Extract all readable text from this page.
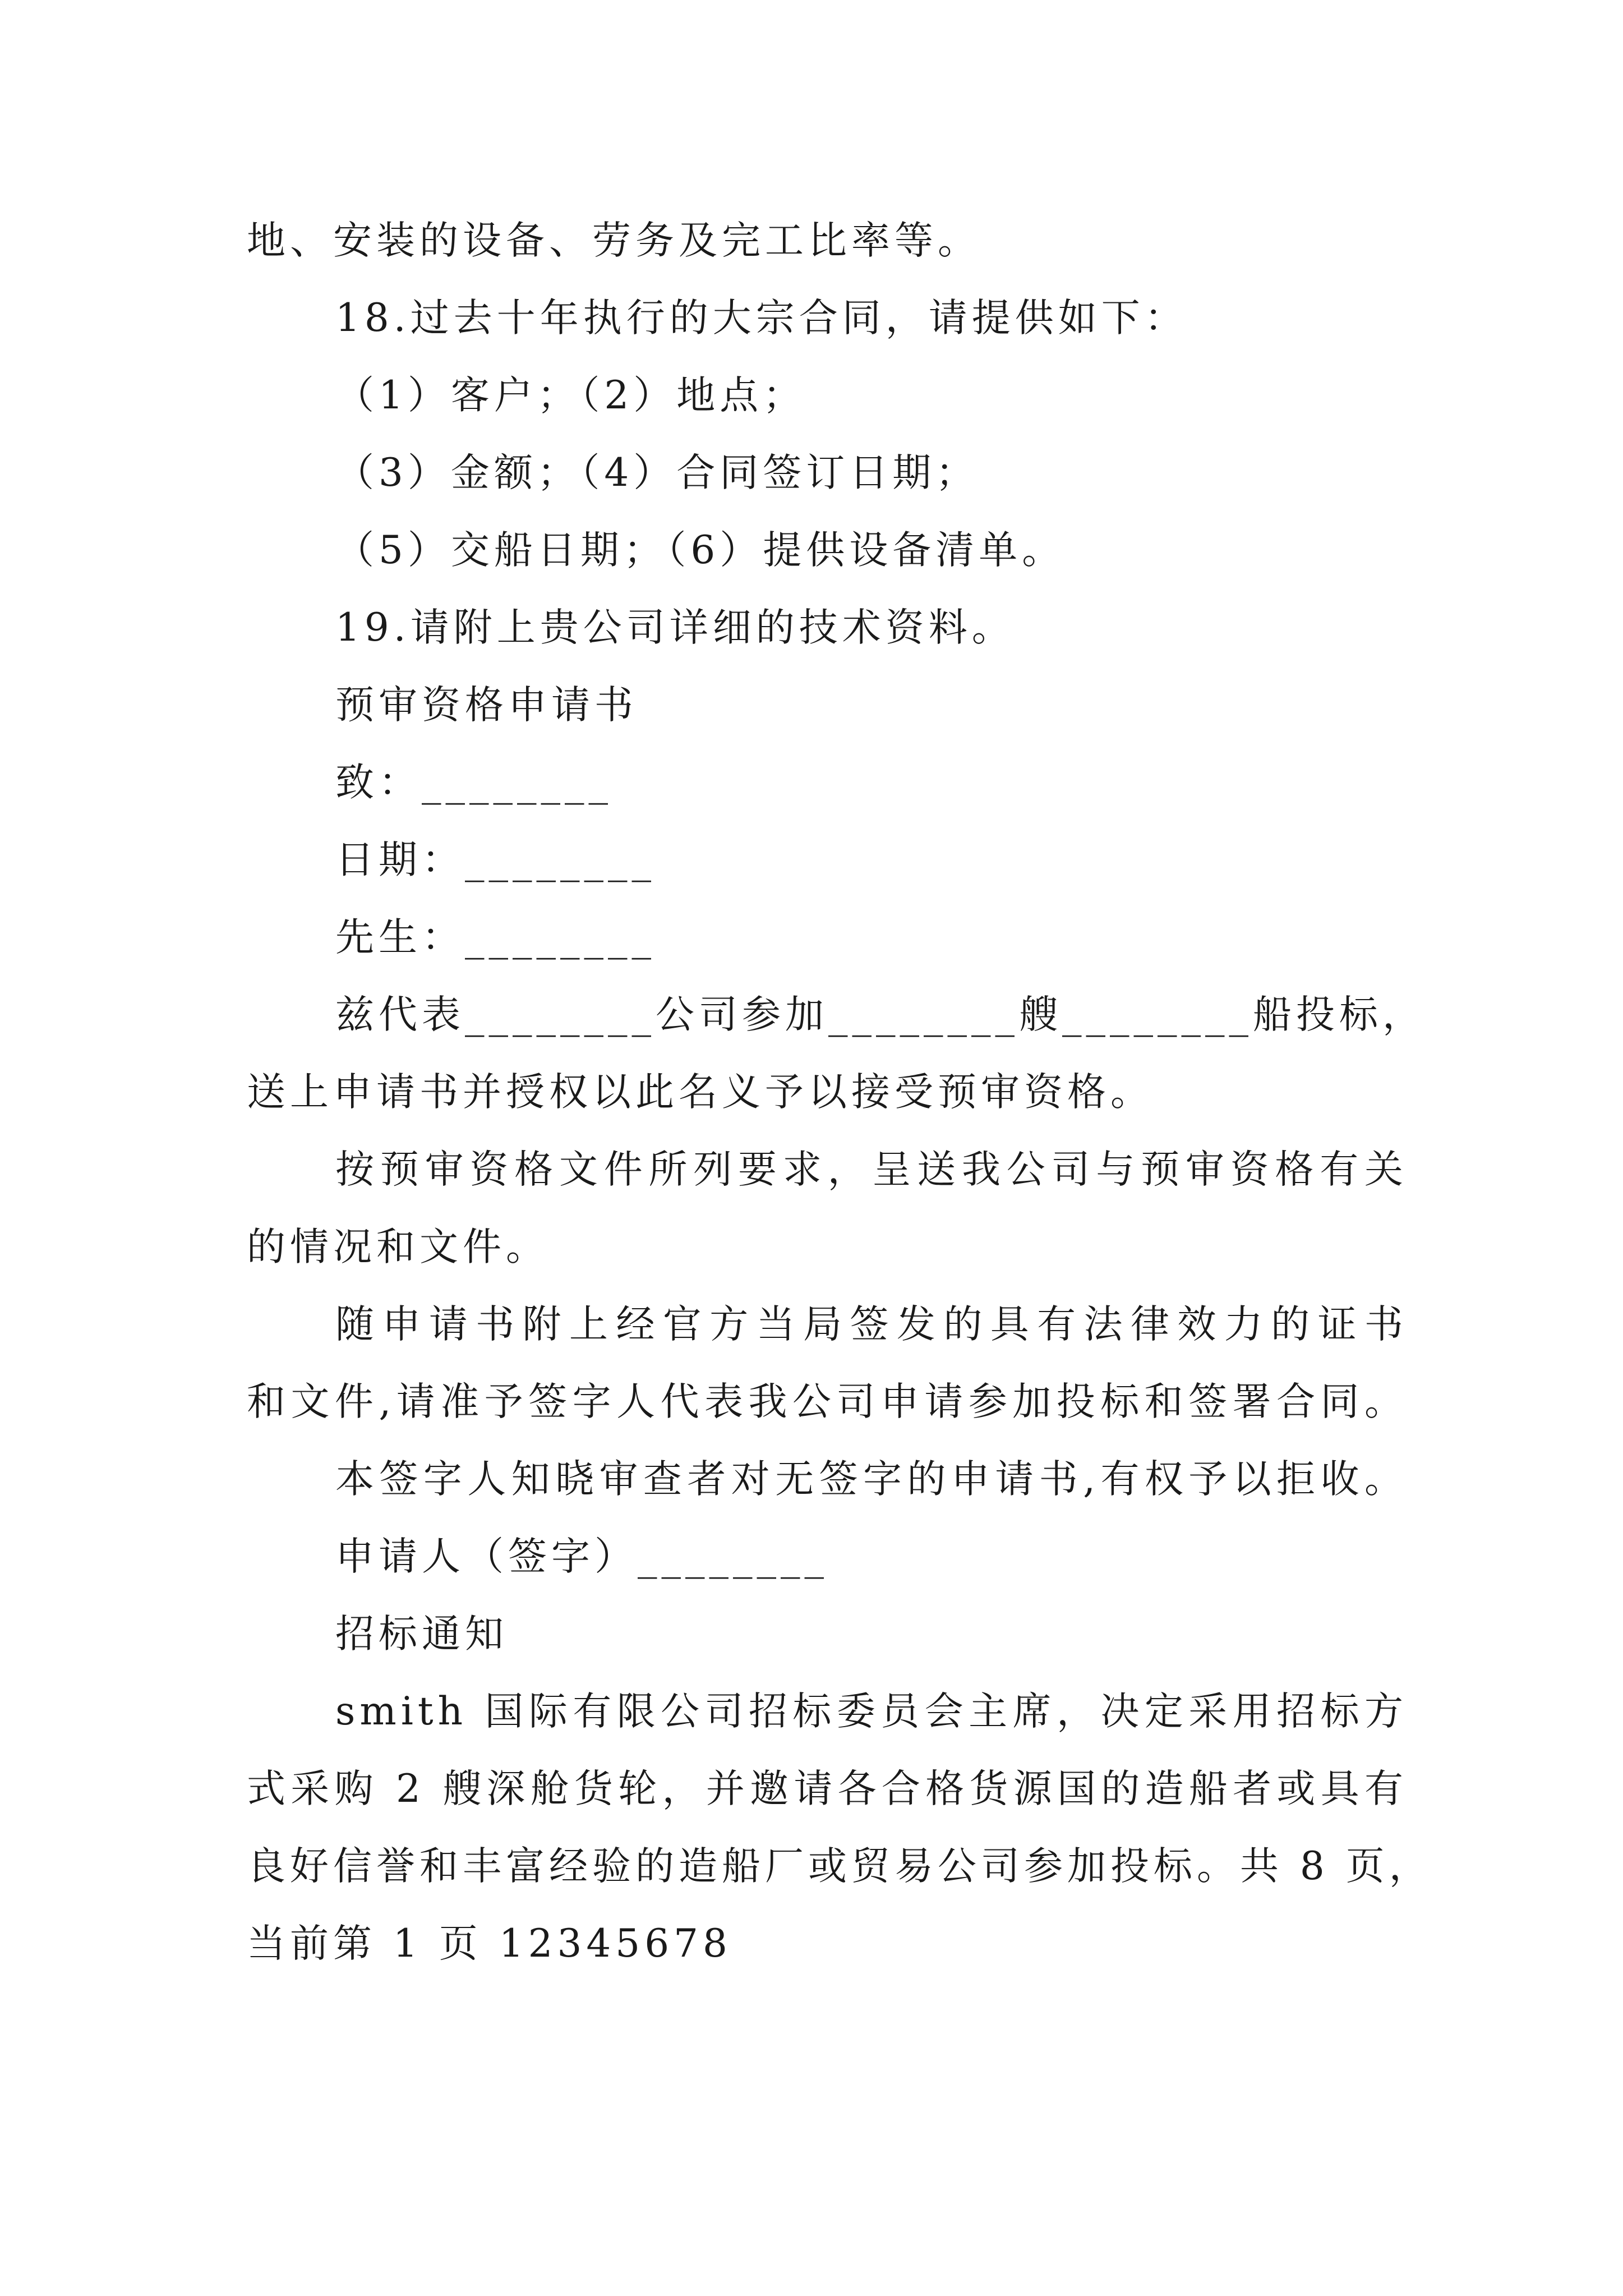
地、安装的设备、劳务及完工比率等。
18.过去十年执行的大宗合同，请提供如下：
（1）客户；（2）地点；
（3）金额；（4）合同签订日期；
（5）交船日期；（6）提供设备清单。
19.请附上贵公司详细的技术资料。
预审资格申请书
致：________
日期：________
先生：________
兹代表________公司参加________艘________船投标，
送上申请书并授权以此名义予以接受预审资格。
按预审资格文件所列要求，呈送我公司与预审资格有关
的情况和文件。
随申请书附上经官方当局签发的具有法律效力的证书
和文件,请准予签字人代表我公司申请参加投标和签署合同。
本签字人知晓审查者对无签字的申请书,有权予以拒收。
申请人（签字）________
招标通知
smith 国际有限公司招标委员会主席，决定采用招标方
式采购 2 艘深舱货轮，并邀请各合格货源国的造船者或具有
良好信誉和丰富经验的造船厂或贸易公司参加投标。共 8 页，
当前第 1 页 12345678
